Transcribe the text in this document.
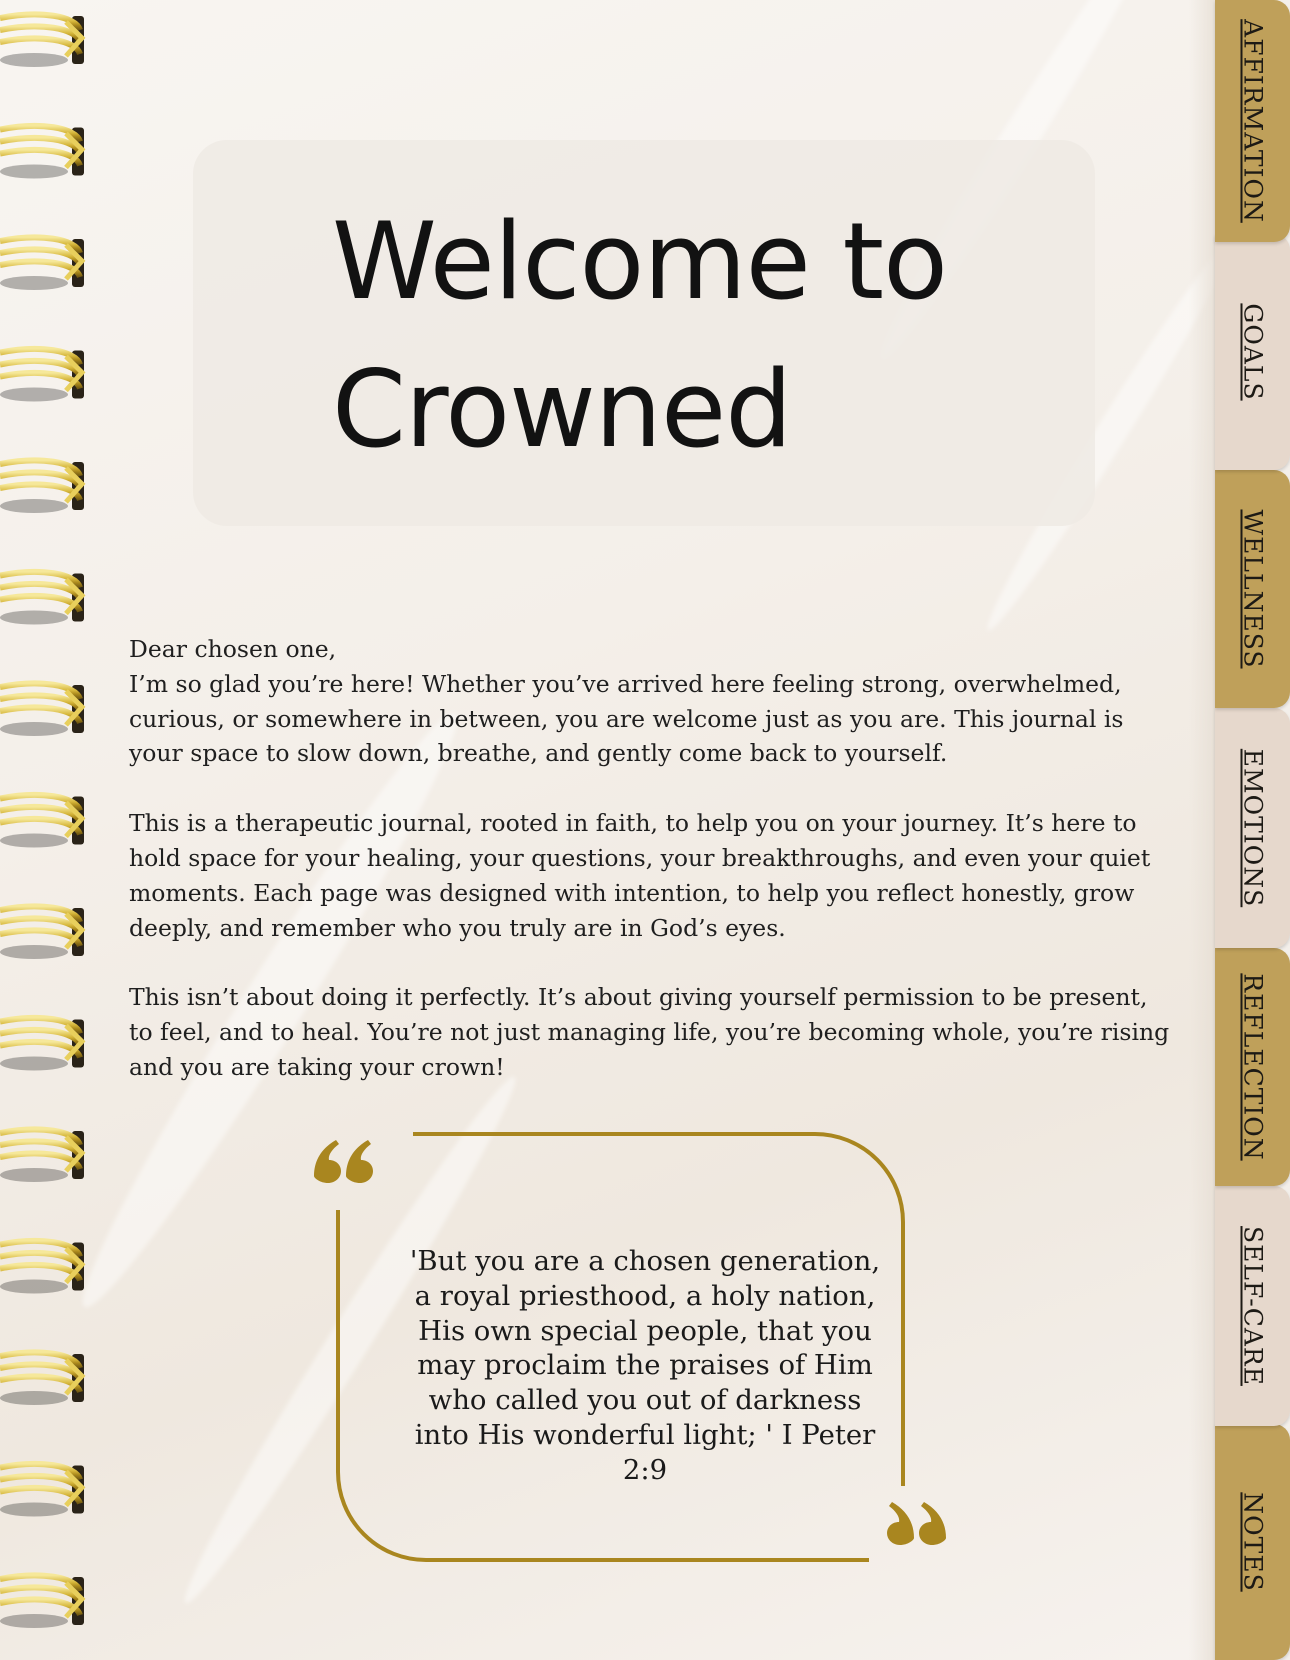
Welcome to
Crowned

Dear chosen one,

I’m so glad you’re here! Whether you’ve arrived here feeling strong, overwhelmed, curious, or somewhere in between, you are welcome just as you are. This journal is your space to slow down, breathe, and gently come back to yourself.

This is a therapeutic journal, rooted in faith, to help you on your journey. It’s here to hold space for your healing, your questions, your breakthroughs, and even your quiet moments. Each page was designed with intention, to help you reflect honestly, grow deeply, and remember who you truly are in God’s eyes.

This isn’t about doing it perfectly. It’s about giving yourself permission to be present, to feel, and to heal. You’re not just managing life, you’re becoming whole, you’re rising and you are taking your crown!

'But you are a chosen generation, a royal priesthood, a holy nation, His own special people, that you may proclaim the praises of Him who called you out of darkness into His wonderful light; ' I Peter 2:9

AFFIRMATION
GOALS
WELLNESS
EMOTIONS
REFLECTION
SELF-CARE
NOTES
